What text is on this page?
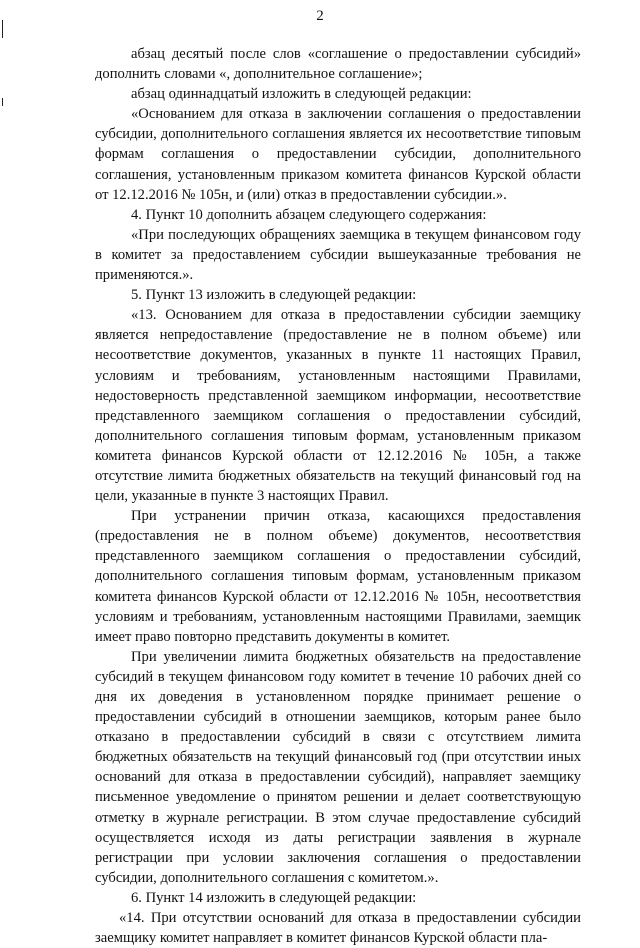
2

абзац десятый после слов «соглашение о предоставлении субсидий» дополнить словами «, дополнительное соглашение»;

абзац одиннадцатый изложить в следующей редакции:

«Основанием для отказа в заключении соглашения о предоставлении субсидии, дополнительного соглашения является их несоответствие типовым формам соглашения о предоставлении субсидии, дополнительного соглашения, установленным приказом комитета финансов Курской области от 12.12.2016 № 105н, и (или) отказ в предоставлении субсидии.».

4. Пункт 10 дополнить абзацем следующего содержания:

«При последующих обращениях заемщика в текущем финансовом году в комитет за предоставлением субсидии вышеуказанные требования не применяются.».

5. Пункт 13 изложить в следующей редакции:

«13. Основанием для отказа в предоставлении субсидии заемщику является непредоставление (предоставление не в полном объеме) или несоответствие документов, указанных в пункте 11 настоящих Правил, условиям и требованиям, установленным настоящими Правилами, недостоверность представленной заемщиком информации, несоответствие представленного заемщиком соглашения о предоставлении субсидий, дополнительного соглашения типовым формам, установленным приказом комитета финансов Курской области от 12.12.2016 № 105н, а также отсутствие лимита бюджетных обязательств на текущий финансовый год на цели, указанные в пункте 3 настоящих Правил.

При устранении причин отказа, касающихся предоставления (предоставления не в полном объеме) документов, несоответствия представленного заемщиком соглашения о предоставлении субсидий, дополнительного соглашения типовым формам, установленным приказом комитета финансов Курской области от 12.12.2016 № 105н, несоответствия условиям и требованиям, установленным настоящими Правилами, заемщик имеет право повторно представить документы в комитет.

При увеличении лимита бюджетных обязательств на предоставление субсидий в текущем финансовом году комитет в течение 10 рабочих дней со дня их доведения в установленном порядке принимает решение о предоставлении субсидий в отношении заемщиков, которым ранее было отказано в предоставлении субсидий в связи с отсутствием лимита бюджетных обязательств на текущий финансовый год (при отсутствии иных оснований для отказа в предоставлении субсидий), направляет заемщику письменное уведомление о принятом решении и делает соответствующую отметку в журнале регистрации. В этом случае предоставление субсидий осуществляется исходя из даты регистрации заявления в журнале регистрации при условии заключения соглашения о предоставлении субсидии, дополнительного соглашения с комитетом.».

6. Пункт 14 изложить в следующей редакции:

«14. При отсутствии оснований для отказа в предоставлении субсидии заемщику комитет направляет в комитет финансов Курской области пла-
